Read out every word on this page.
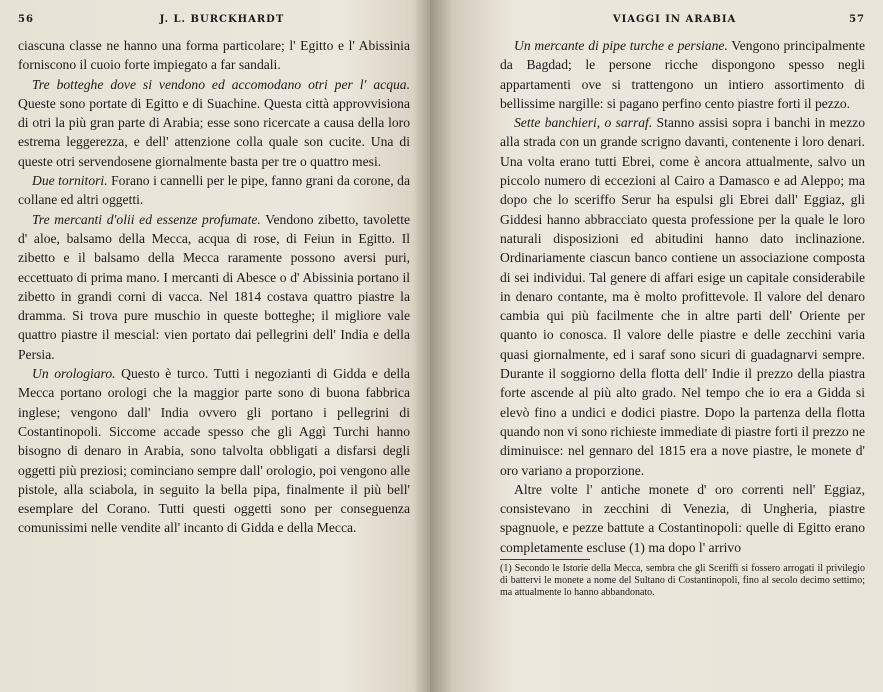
56	J. L. BURCKHARDT

ciascuna classe ne hanno una forma particolare; l' Egitto e l' Abissinia forniscono il cuoio forte impiegato a far sandali.

Tre botteghe dove si vendono ed accomodano otri per l' acqua. Queste sono portate di Egitto e di Suachine. Questa città approvvisiona di otri la più gran parte di Arabia; esse sono ricercate a causa della loro estrema leggerezza, e dell' attenzione colla quale son cucite. Una di queste otri servendosene giornalmente basta per tre o quattro mesi.

Due tornitori. Forano i cannelli per le pipe, fanno grani da corone, da collane ed altri oggetti.

Tre mercanti d'olii ed essenze profumate. Vendono zibetto, tavolette d' aloe, balsamo della Mecca, acqua di rose, di Feiun in Egitto. Il zibetto e il balsamo della Mecca raramente possono aversi puri, eccettuato di prima mano. I mercanti di Abesce o d' Abissinia portano il zibetto in grandi corni di vacca. Nel 1814 costava quattro piastre la dramma. Si trova pure muschio in queste botteghe; il migliore vale quattro piastre il mescial: vien portato dai pellegrini dell' India e della Persia.

Un orologiaro. Questo è turco. Tutti i negozianti di Gidda e della Mecca portano orologi che la maggior parte sono di buona fabbrica inglese; vengono dall' India ovvero gli portano i pellegrini di Costantinopoli. Siccome accade spesso che gli Aggì Turchi hanno bisogno di denaro in Arabia, sono talvolta obbligati a disfarsi degli oggetti più preziosi; cominciano sempre dall' orologio, poi vengono alle pistole, alla sciabola, in seguito la bella pipa, finalmente il più bell' esemplare del Corano. Tutti questi oggetti sono per conseguenza comunissimi nelle vendite all' incanto di Gidda e della Mecca.

VIAGGI IN ARABIA	57

Un mercante di pipe turche e persiane. Vengono principalmente da Bagdad; le persone ricche dispongono spesso negli appartamenti ove si trattengono un intiero assortimento di bellissime nargille: si pagano perfino cento piastre forti il pezzo.

Sette banchieri, o sarraf. Stanno assisi sopra i banchi in mezzo alla strada con un grande scrigno davanti, contenente i loro denari. Una volta erano tutti Ebrei, come è ancora attualmente, salvo un piccolo numero di eccezioni al Cairo a Damasco e ad Aleppo; ma dopo che lo sceriffo Serur ha espulsi gli Ebrei dall' Eggiaz, gli Giddesi hanno abbracciato questa professione per la quale le loro naturali disposizioni ed abitudini hanno dato inclinazione. Ordinariamente ciascun banco contiene un associazione composta di sei individui. Tal genere di affari esige un capitale considerabile in denaro contante, ma è molto profittevole. Il valore del denaro cambia qui più facilmente che in altre parti dell' Oriente per quanto io conosca. Il valore delle piastre e delle zecchini varia quasi giornalmente, ed i saraf sono sicuri di guadagnarvi sempre. Durante il soggiorno della flotta dell' Indie il prezzo della piastra forte ascende al più alto grado. Nel tempo che io era a Gidda si elevò fino a undici e dodici piastre. Dopo la partenza della flotta quando non vi sono richieste immediate di piastre forti il prezzo ne diminuisce: nel gennaro del 1815 era a nove piastre, le monete d' oro variano a proporzione.

Altre volte l' antiche monete d' oro correnti nell' Eggiaz, consistevano in zecchini di Venezia, di Ungheria, piastre spagnuole, e pezze battute a Costantinopoli: quelle di Egitto erano completamente escluse (1) ma dopo l' arrivo

(1) Secondo le Istorie della Mecca, sembra che gli Sceriffi si fossero arrogati il privilegio di battervi le monete a nome del Sultano di Costantinopoli, fino al secolo decimo settimo; ma attualmente lo hanno abbandonato.
